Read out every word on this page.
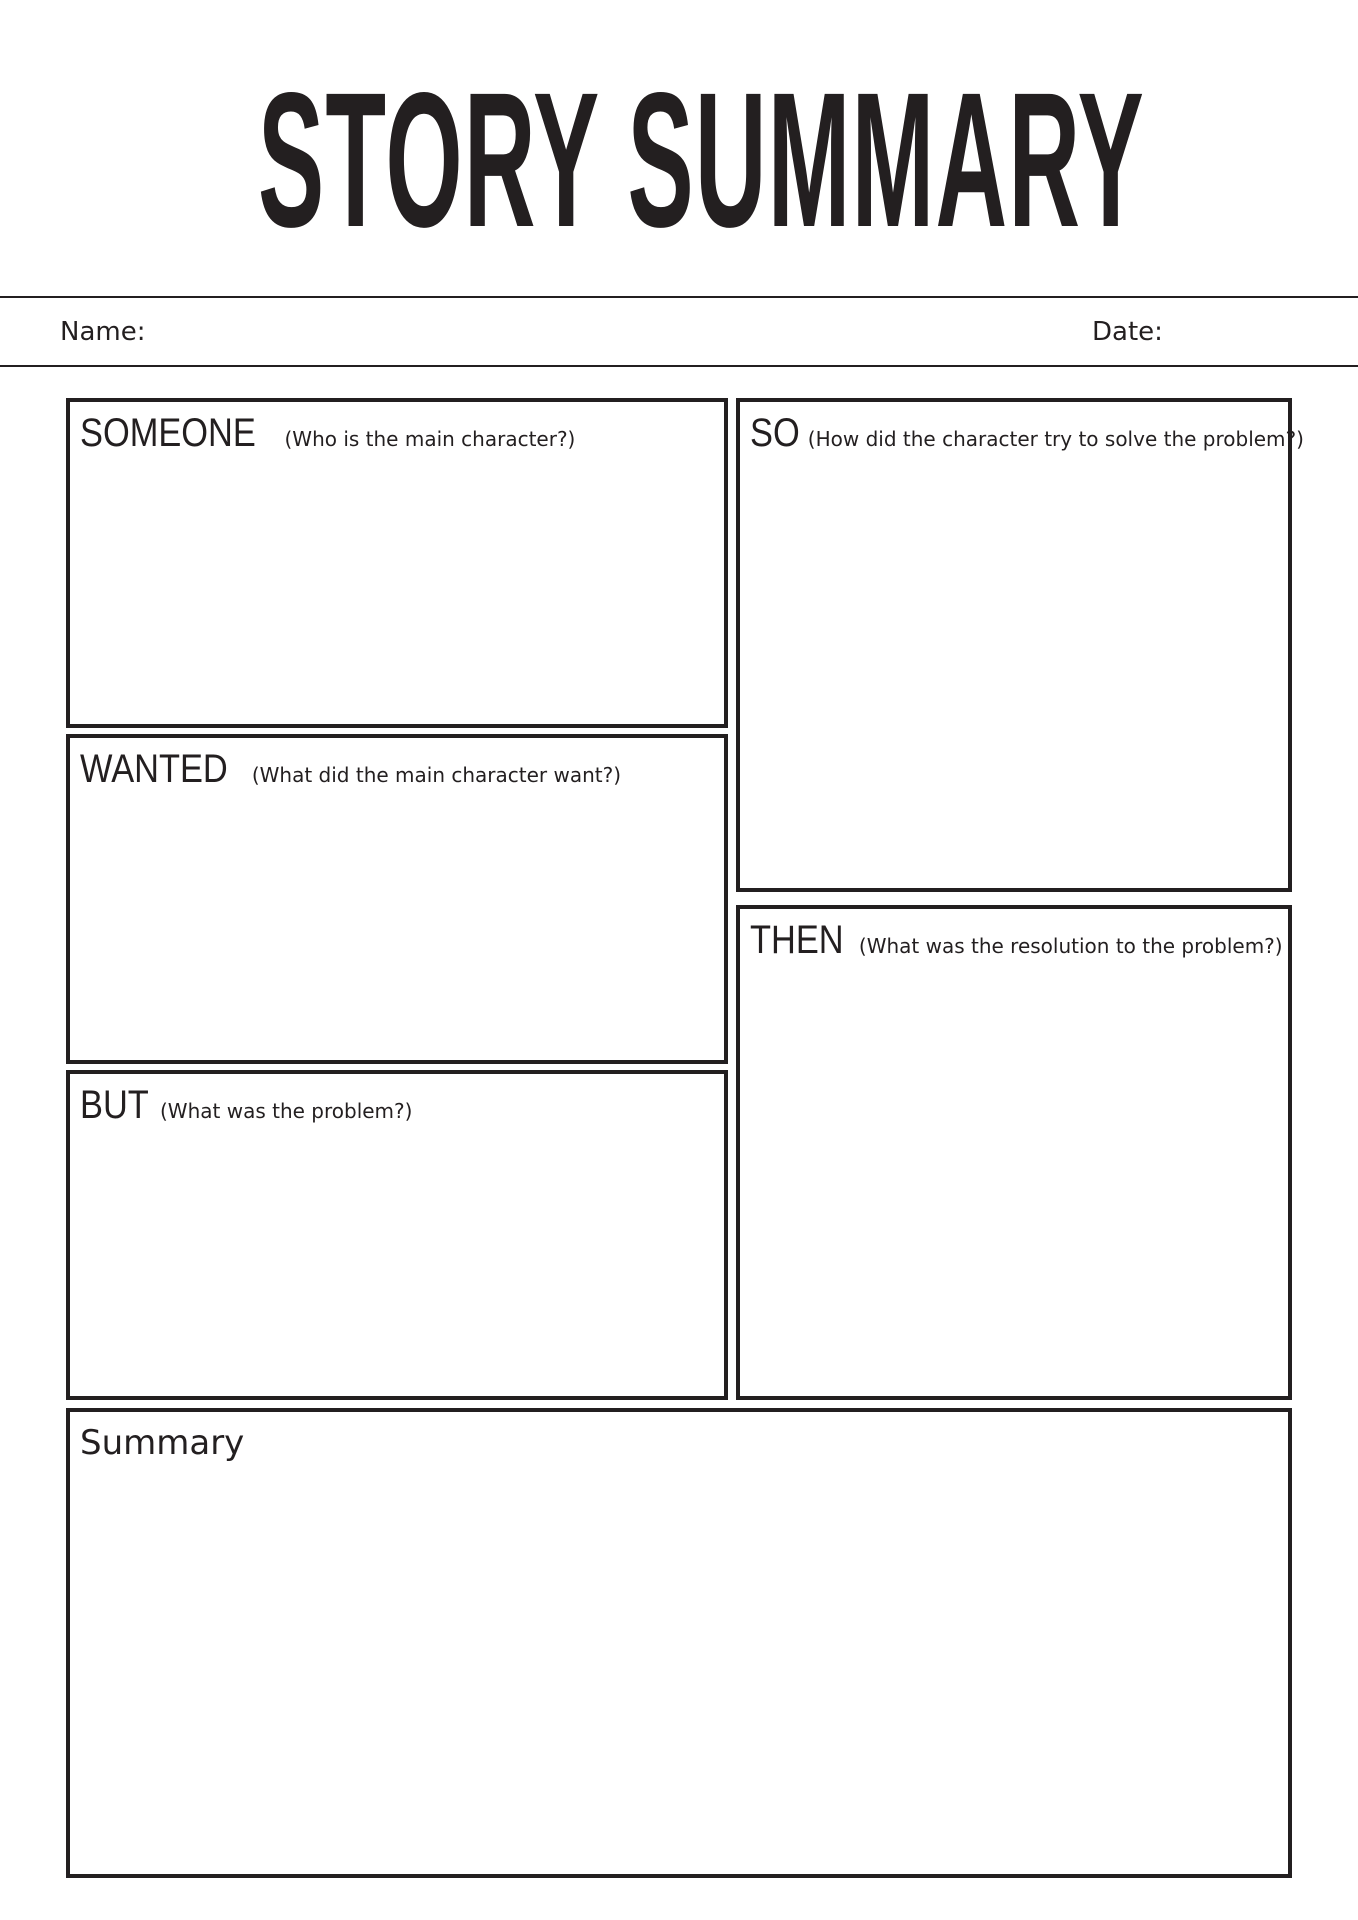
STORY SUMMARY
Name:	Date:
SOMEONE (Who is the main character?)
WANTED (What did the main character want?)
BUT (What was the problem?)
SO (How did the character try to solve the problem?)
THEN (What was the resolution to the problem?)
Summary
